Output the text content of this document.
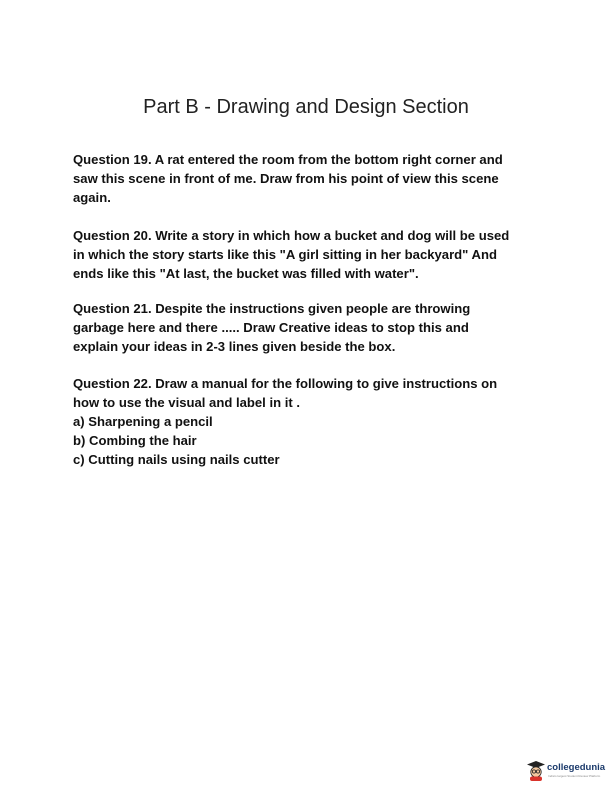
Part B - Drawing and Design Section
Question 19. A rat entered the room from the bottom right corner and
saw this scene in front of me. Draw from his point of view this scene
again.
Question 20. Write a story in which how a bucket and dog will be used
in which the story starts like this "A girl sitting in her backyard" And
ends like this "At last, the bucket was filled with water".
Question 21. Despite the instructions given people are throwing
garbage here and there ..... Draw Creative ideas to stop this and
explain your ideas in 2-3 lines given beside the box.
Question 22. Draw a manual for the following to give instructions on
how to use the visual and label in it .
a) Sharpening a pencil
b) Combing the hair
c) Cutting nails using nails cutter
collegedunia
India's largest Student Review Platform
